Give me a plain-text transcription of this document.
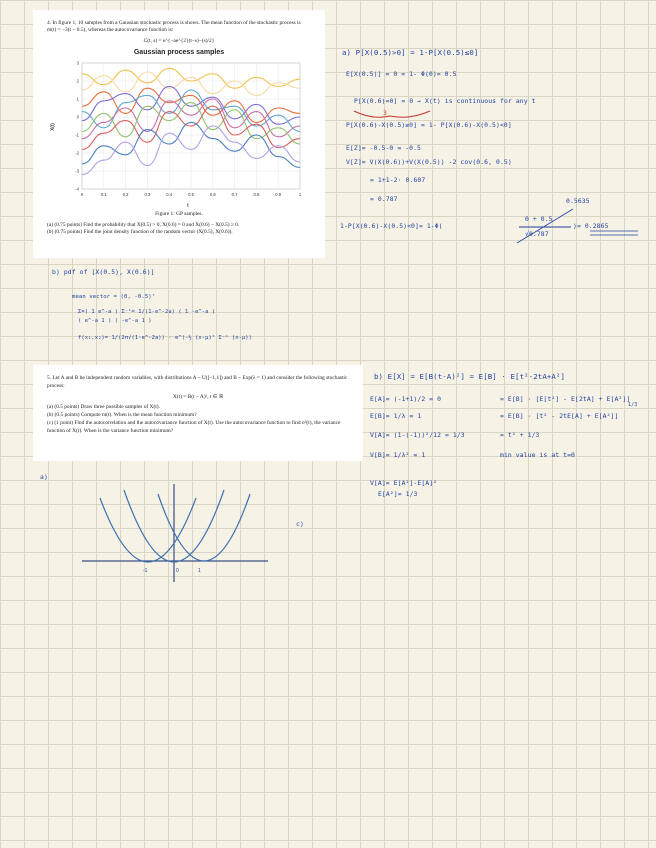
4. In figure 1, 10 samples from a Gaussian stochastic process is shows. The mean function of the stochastic process is m(t) = −3(t − 0.5), whereas the autocovariance function is:
C(t, s) = e^{−ae^{2}(t−s)−(s)/2}
Gaussian process samples
X(t)
t
0	0.1	0.2	0.3	0.4	0.5	0.6	0.7	0.8	0.9	1
3
2
1
0
-1
-2
-3
-4
Figure 1: GP samples.
(a) (0.75 points) Find the probability that X(0.5) > 0, X(0.6) = 0 and X(0.6) − X(0.5) ≥ 0.
(b) (0.75 points) Find the joint density function of the random vector (X(0.5), X(0.6)).
a) P[X(0.5)>0] = 1-P[X(0.5)≤0]
E[X(0.5)] = 0 = 1- Φ(0)= 0.5
P[X(0.6)=0] = 0 → X(t) is continuous for any t
3
P[X(0.6)-X(0.5)≥0] = 1- P[X(0.6)-X(0.5)<0]
E[Z]= -0.5-0 = -0.5
V[Z]= V(X(0.6))+V(X(0.5)) -2 cov(0.6, 0.5)
= 1+1-2· 0.607
= 0.787
1-P[X(0.6)-X(0.5)<0]= 1-Φ(
0.5635
0 + 0.5
√0.787
)= 0.2865
b) pdf of [X(0.5), X(0.6)]
mean vector = (0, -0.5)ᵀ
Σ=( 1 e^-a ) Σ⁻¹= 1/(1-e^-2a) ( 1 -e^-a )
( e^-a 1 ) ( -e^-a 1 )
f(x₁,x₂)= 1/(2π√(1-e^-2a)) · e^(-½ (x-μ)ᵀ Σ⁻¹ (x-μ))
5. Let A and B be independent random variables, with distributions A ~ U([−1,1]) and B ~ Exp(λ = 1) and consider the following stochastic process:
X(t) = B(t − A)², t ∈ ℝ
(a) (0.5 points) Draw three possible samples of X(t).
(b) (0.5 points) Compute m(t). When is the mean function minimum?
(c) (1 point) Find the autocorrelation and the autocovariance function of X(t). Use the autocovariance function to find σ²(t), the variance function of X(t). When is the variance function minimum?
a)
c)
-1	0	1
b) E[X] = E[B(t-A)²] = E[B] · E[t²-2tA+A²]
E[A]= (-1+1)/2 = 0
E[B]= 1/λ = 1
V[A]= (1-(-1))²/12 = 1/3
V[B]= 1/λ² = 1
V[A]= E[A²]-E[A]²
E[A²]= 1/3
= E[B] · [E[t²] - E[2tA] + E[A²]]
= E[B] · [t² - 2tE[A] + E[A²]]
= t² + 1/3
min value is at t=0
1/3
